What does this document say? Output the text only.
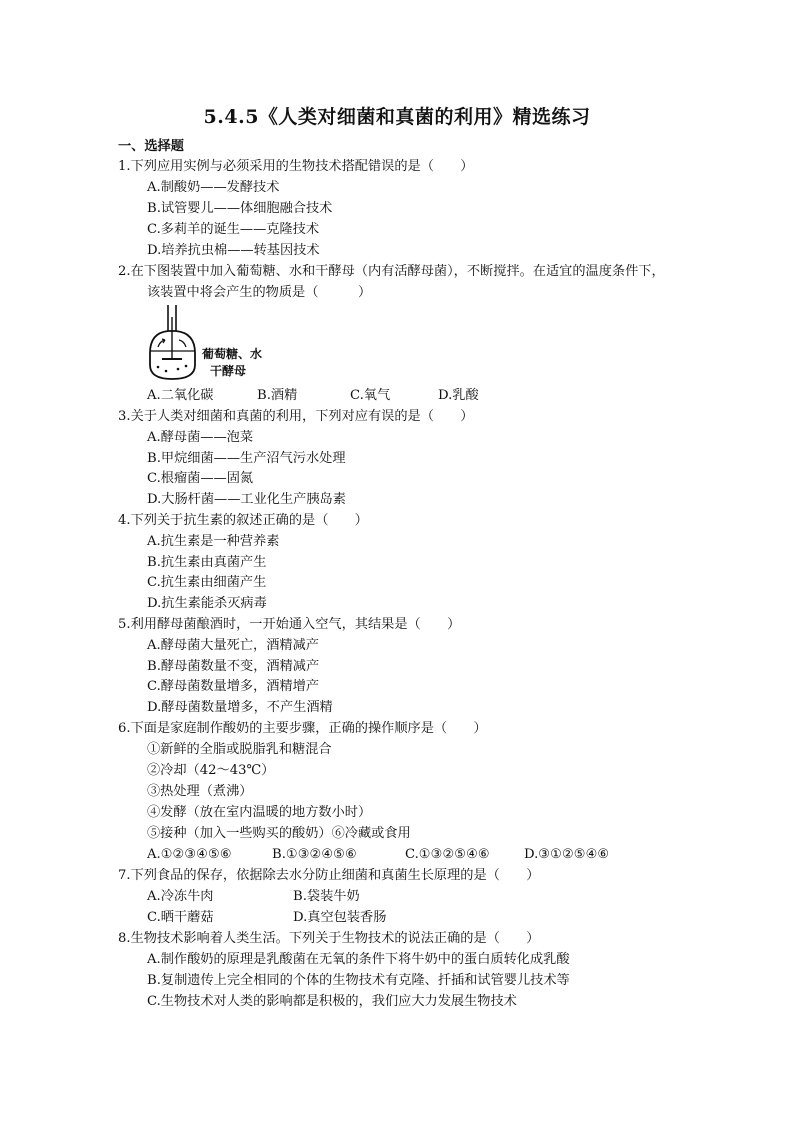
5.4.5《人类对细菌和真菌的利用》精选练习
一、选择题
1.下列应用实例与必须采用的生物技术搭配错误的是（　　）
A.制酸奶——发酵技术
B.试管婴儿——体细胞融合技术
C.多莉羊的诞生——克隆技术
D.培养抗虫棉——转基因技术
2.在下图装置中加入葡萄糖、水和干酵母（内有活酵母菌），不断搅拌。在适宜的温度条件下，
该装置中将会产生的物质是（　　　）
葡萄糖、水
干酵母
A.二氧化碳	B.酒精	C.氧气	D.乳酸
3.关于人类对细菌和真菌的利用，下列对应有误的是（　　）
A.酵母菌——泡菜
B.甲烷细菌——生产沼气污水处理
C.根瘤菌——固氮
D.大肠杆菌——工业化生产胰岛素
4.下列关于抗生素的叙述正确的是（　　）
A.抗生素是一种营养素
B.抗生素由真菌产生
C.抗生素由细菌产生
D.抗生素能杀灭病毒
5.利用酵母菌酿酒时，一开始通入空气，其结果是（　　）
A.酵母菌大量死亡，酒精减产
B.酵母菌数量不变，酒精减产
C.酵母菌数量增多，酒精增产
D.酵母菌数量增多，不产生酒精
6.下面是家庭制作酸奶的主要步骤，正确的操作顺序是（　　）
①新鲜的全脂或脱脂乳和糖混合
②冷却（42～43℃）
③热处理（煮沸）
④发酵（放在室内温暖的地方数小时）
⑤接种（加入一些购买的酸奶）⑥冷藏或食用
A.①②③④⑤⑥	B.①③②④⑤⑥	C.①③②⑤④⑥	D.③①②⑤④⑥
7.下列食品的保存，依据除去水分防止细菌和真菌生长原理的是（　　）
A.冷冻牛肉	B.袋装牛奶
C.晒干蘑菇	D.真空包装香肠
8.生物技术影响着人类生活。下列关于生物技术的说法正确的是（　　）
A.制作酸奶的原理是乳酸菌在无氧的条件下将牛奶中的蛋白质转化成乳酸
B.复制遗传上完全相同的个体的生物技术有克隆、扦插和试管婴儿技术等
C.生物技术对人类的影响都是积极的，我们应大力发展生物技术
